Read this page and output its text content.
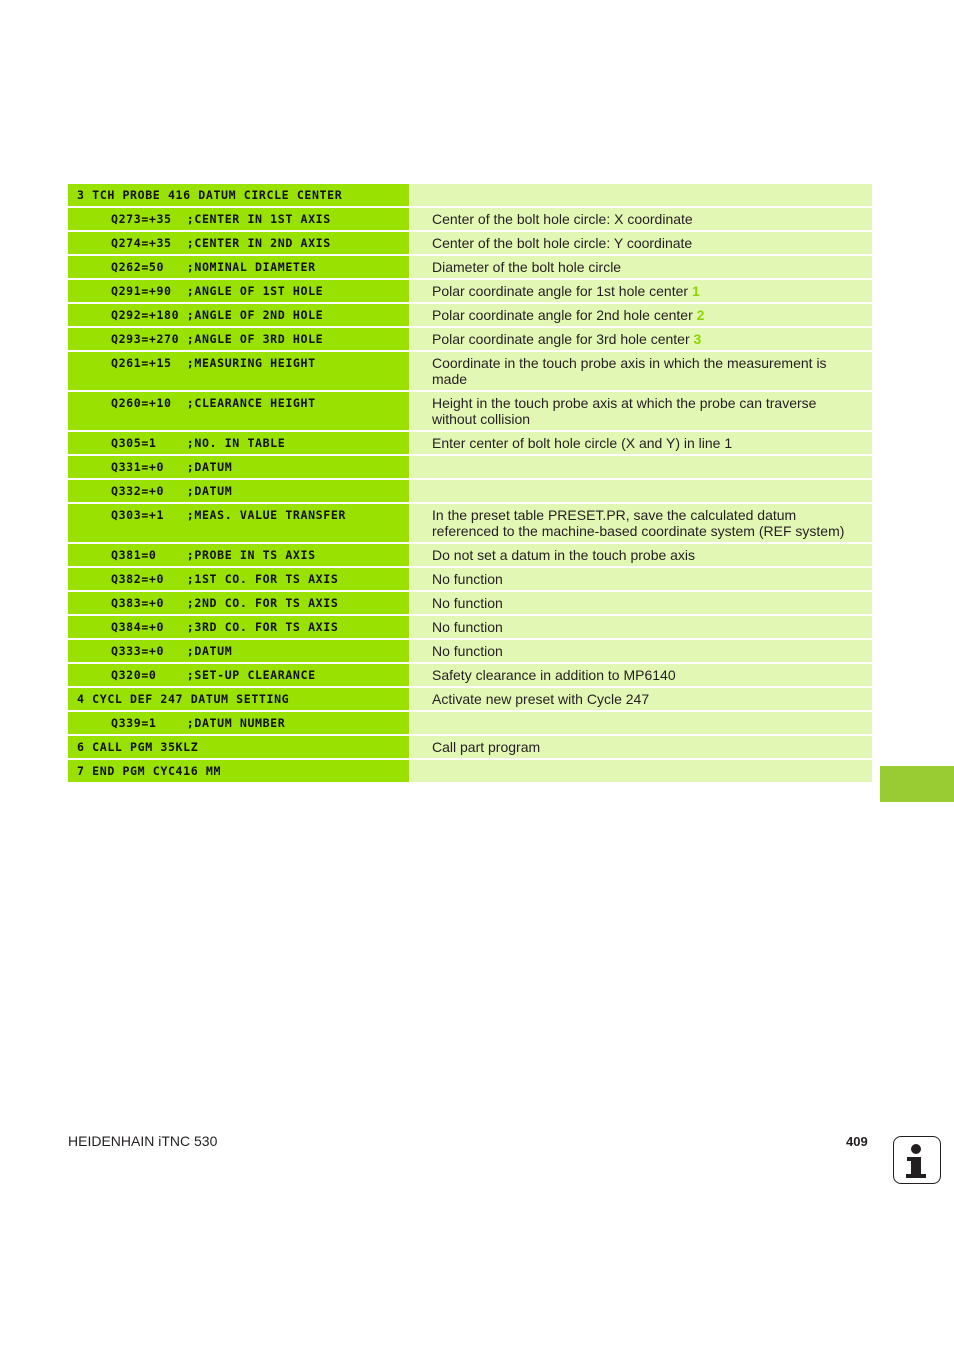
3 TCH PROBE 416 DATUM CIRCLE CENTER
Q273=+35  ;CENTER IN 1ST AXIS	Center of the bolt hole circle: X coordinate
Q274=+35  ;CENTER IN 2ND AXIS	Center of the bolt hole circle: Y coordinate
Q262=50   ;NOMINAL DIAMETER	Diameter of the bolt hole circle
Q291=+90  ;ANGLE OF 1ST HOLE	Polar coordinate angle for 1st hole center 1
Q292=+180 ;ANGLE OF 2ND HOLE	Polar coordinate angle for 2nd hole center 2
Q293=+270 ;ANGLE OF 3RD HOLE	Polar coordinate angle for 3rd hole center 3
Q261=+15  ;MEASURING HEIGHT	Coordinate in the touch probe axis in which the measurement is made
Q260=+10  ;CLEARANCE HEIGHT	Height in the touch probe axis at which the probe can traverse without collision
Q305=1    ;NO. IN TABLE	Enter center of bolt hole circle (X and Y) in line 1
Q331=+0   ;DATUM
Q332=+0   ;DATUM
Q303=+1   ;MEAS. VALUE TRANSFER	In the preset table PRESET.PR, save the calculated datum referenced to the machine-based coordinate system (REF system)
Q381=0    ;PROBE IN TS AXIS	Do not set a datum in the touch probe axis
Q382=+0   ;1ST CO. FOR TS AXIS	No function
Q383=+0   ;2ND CO. FOR TS AXIS	No function
Q384=+0   ;3RD CO. FOR TS AXIS	No function
Q333=+0   ;DATUM	No function
Q320=0    ;SET-UP CLEARANCE	Safety clearance in addition to MP6140
4 CYCL DEF 247 DATUM SETTING	Activate new preset with Cycle 247
Q339=1    ;DATUM NUMBER
6 CALL PGM 35KLZ	Call part program
7 END PGM CYC416 MM
HEIDENHAIN iTNC 530	409
